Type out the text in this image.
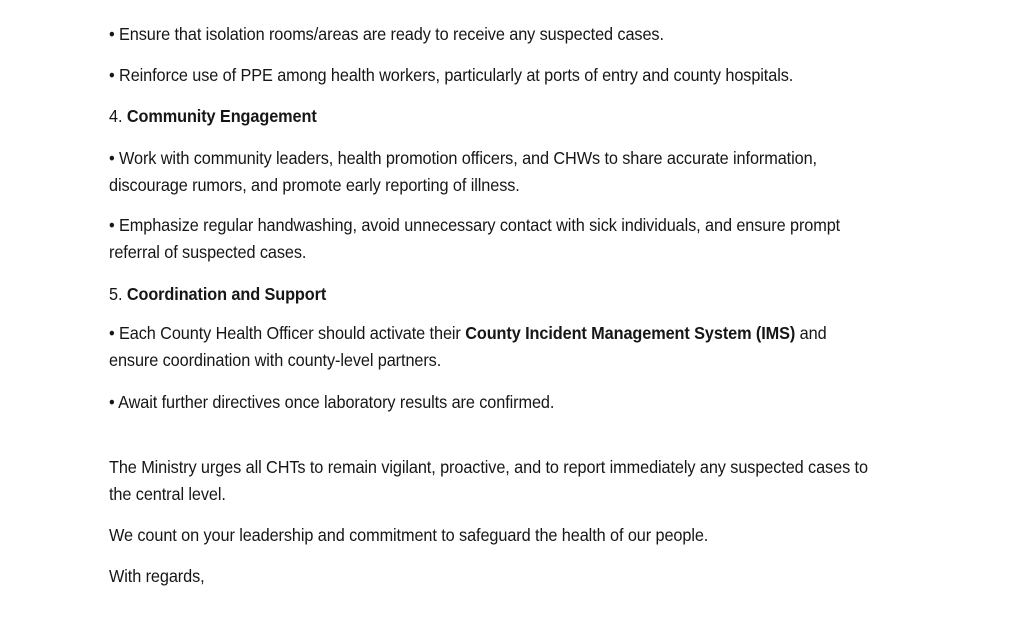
• Ensure that isolation rooms/areas are ready to receive any suspected cases.
• Reinforce use of PPE among health workers, particularly at ports of entry and county hospitals.
4. Community Engagement
• Work with community leaders, health promotion officers, and CHWs to share accurate information,
discourage rumors, and promote early reporting of illness.
• Emphasize regular handwashing, avoid unnecessary contact with sick individuals, and ensure prompt
referral of suspected cases.
5. Coordination and Support
• Each County Health Officer should activate their County Incident Management System (IMS) and
ensure coordination with county-level partners.
• Await further directives once laboratory results are confirmed.
The Ministry urges all CHTs to remain vigilant, proactive, and to report immediately any suspected cases to
the central level.
We count on your leadership and commitment to safeguard the health of our people.
With regards,
